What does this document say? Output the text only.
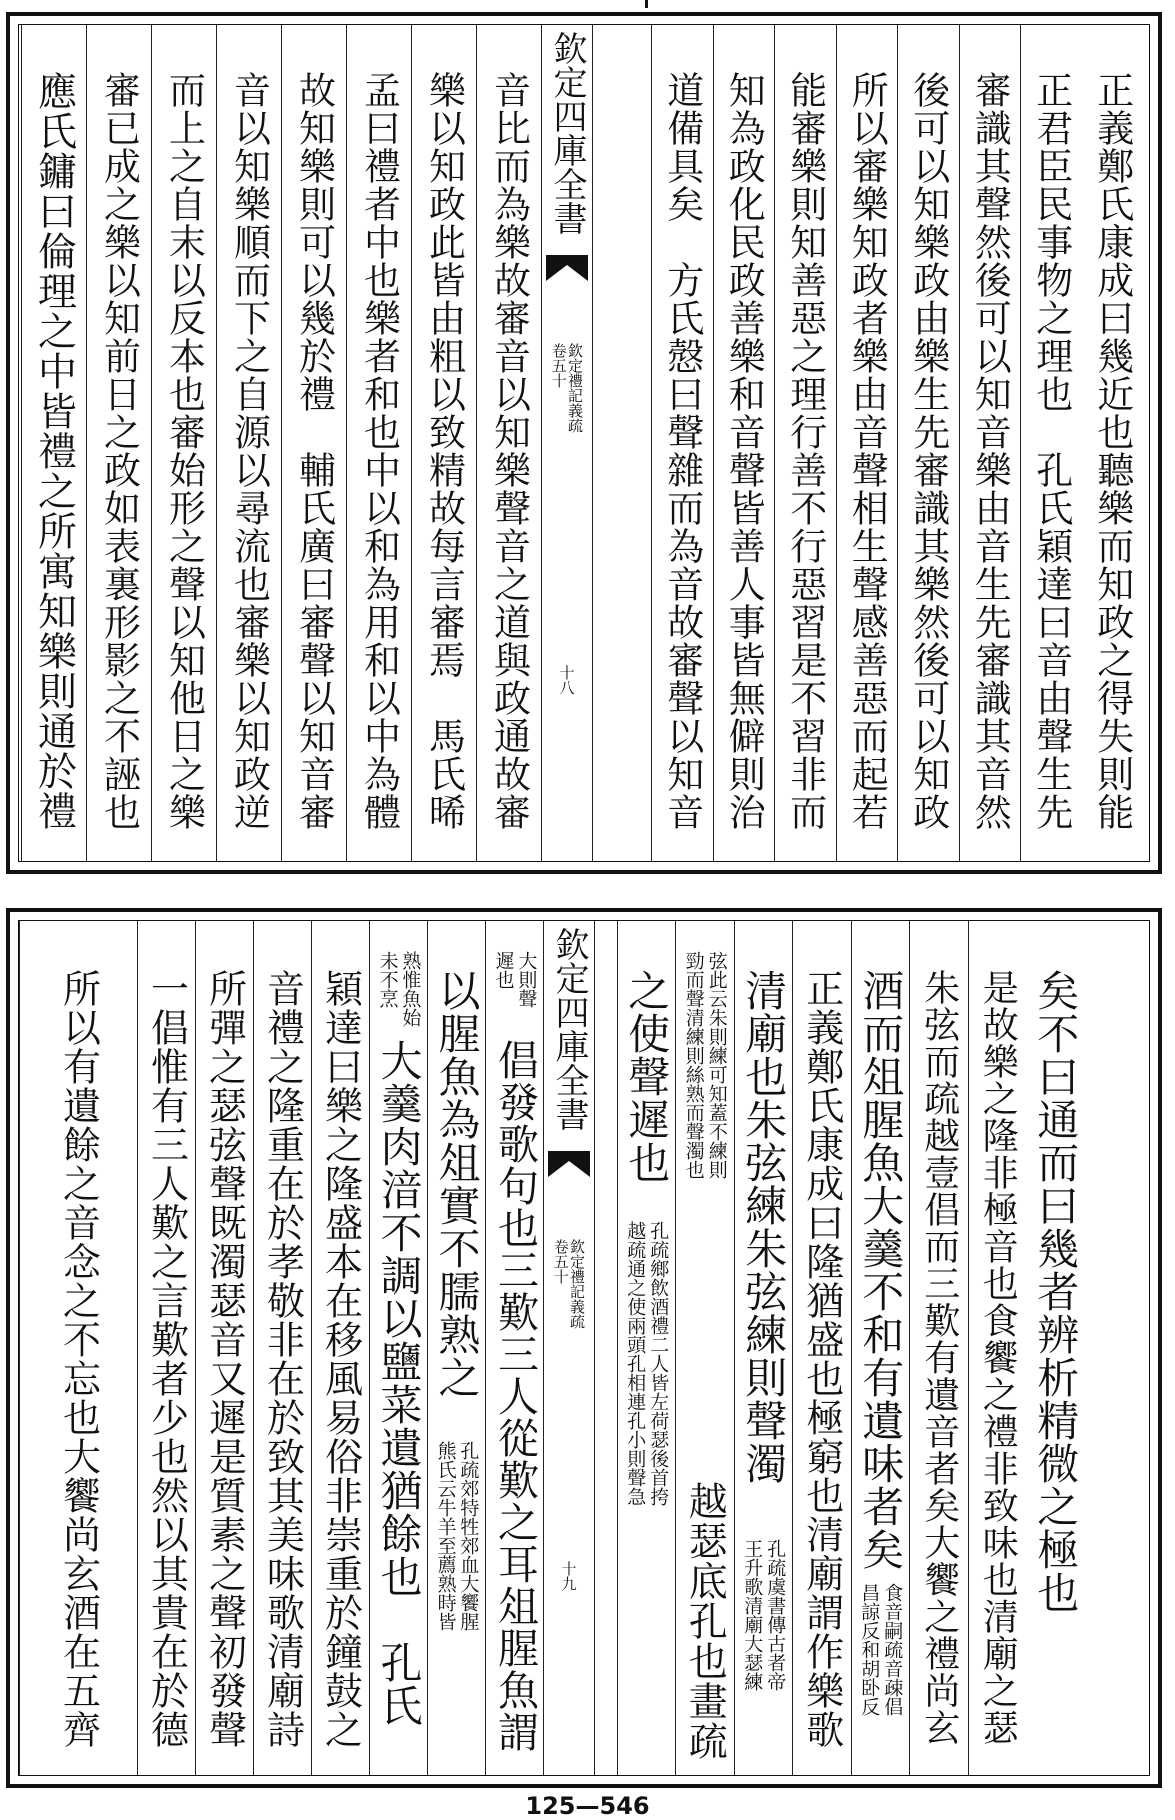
正義鄭氏康成曰幾近也聽樂而知政之得失則能
正君臣民事物之理也　孔氏穎達曰音由聲生先
審識其聲然後可以知音樂由音生先審識其音然
後可以知樂政由樂生先審識其樂然後可以知政
所以審樂知政者樂由音聲相生聲感善惡而起若
能審樂則知善惡之理行善不行惡習是不習非而
知為政化民政善樂和音聲皆善人事皆無僻則治
道備具矣　方氏慤曰聲雜而為音故審聲以知音
欽定四庫全書
欽定禮記義疏
卷五十
十八
音比而為樂故審音以知樂聲音之道與政通故審
樂以知政此皆由粗以致精故每言審焉　馬氏晞
孟曰禮者中也樂者和也中以和為用和以中為體
故知樂則可以幾於禮　輔氏廣曰審聲以知音審
音以知樂順而下之自源以尋流也審樂以知政逆
而上之自末以反本也審始形之聲以知他日之樂
審已成之樂以知前日之政如表裏形影之不誣也
應氏鏞曰倫理之中皆禮之所寓知樂則通於禮
矣不曰通而曰幾者辨析精微之極也
是故樂之隆非極音也食饗之禮非致味也清廟之瑟
朱弦而疏越壹倡而三歎有遺音者矣大饗之禮尚玄
酒而俎腥魚大羹不和有遺味者矣
食音嗣疏音疎倡
昌諒反和胡卧反
正義鄭氏康成曰隆猶盛也極窮也清廟謂作樂歌
清廟也朱弦練朱弦練則聲濁
孔疏虞書傳古者帝
王升歌清廟大瑟練
弦此云朱則練可知蓋不練則
勁而聲清練則絲熟而聲濁也
越瑟底孔也畫疏
之使聲遲也
孔疏鄉飲酒禮二人皆左荷瑟後首挎
越疏通之使兩頭孔相連孔小則聲急
欽定四庫全書
欽定禮記義疏
卷五十
十九
大則聲
遲也
倡發歌句也三歎三人從歎之耳俎腥魚謂
以腥魚為俎實不臑熟之
孔疏郊特牲郊血大饗腥
熊氏云牛羊至薦熟時皆
熟惟魚始
未不烹
大羹肉湆不調以鹽菜遺猶餘也　孔氏
穎達曰樂之隆盛本在移風易俗非崇重於鐘鼓之
音禮之隆重在於孝敬非在於致其美味歌清廟詩
所彈之瑟弦聲既濁瑟音又遲是質素之聲初發聲
一倡惟有三人歎之言歎者少也然以其貴在於德
所以有遺餘之音念之不忘也大饗尚玄酒在五齊
125—546
